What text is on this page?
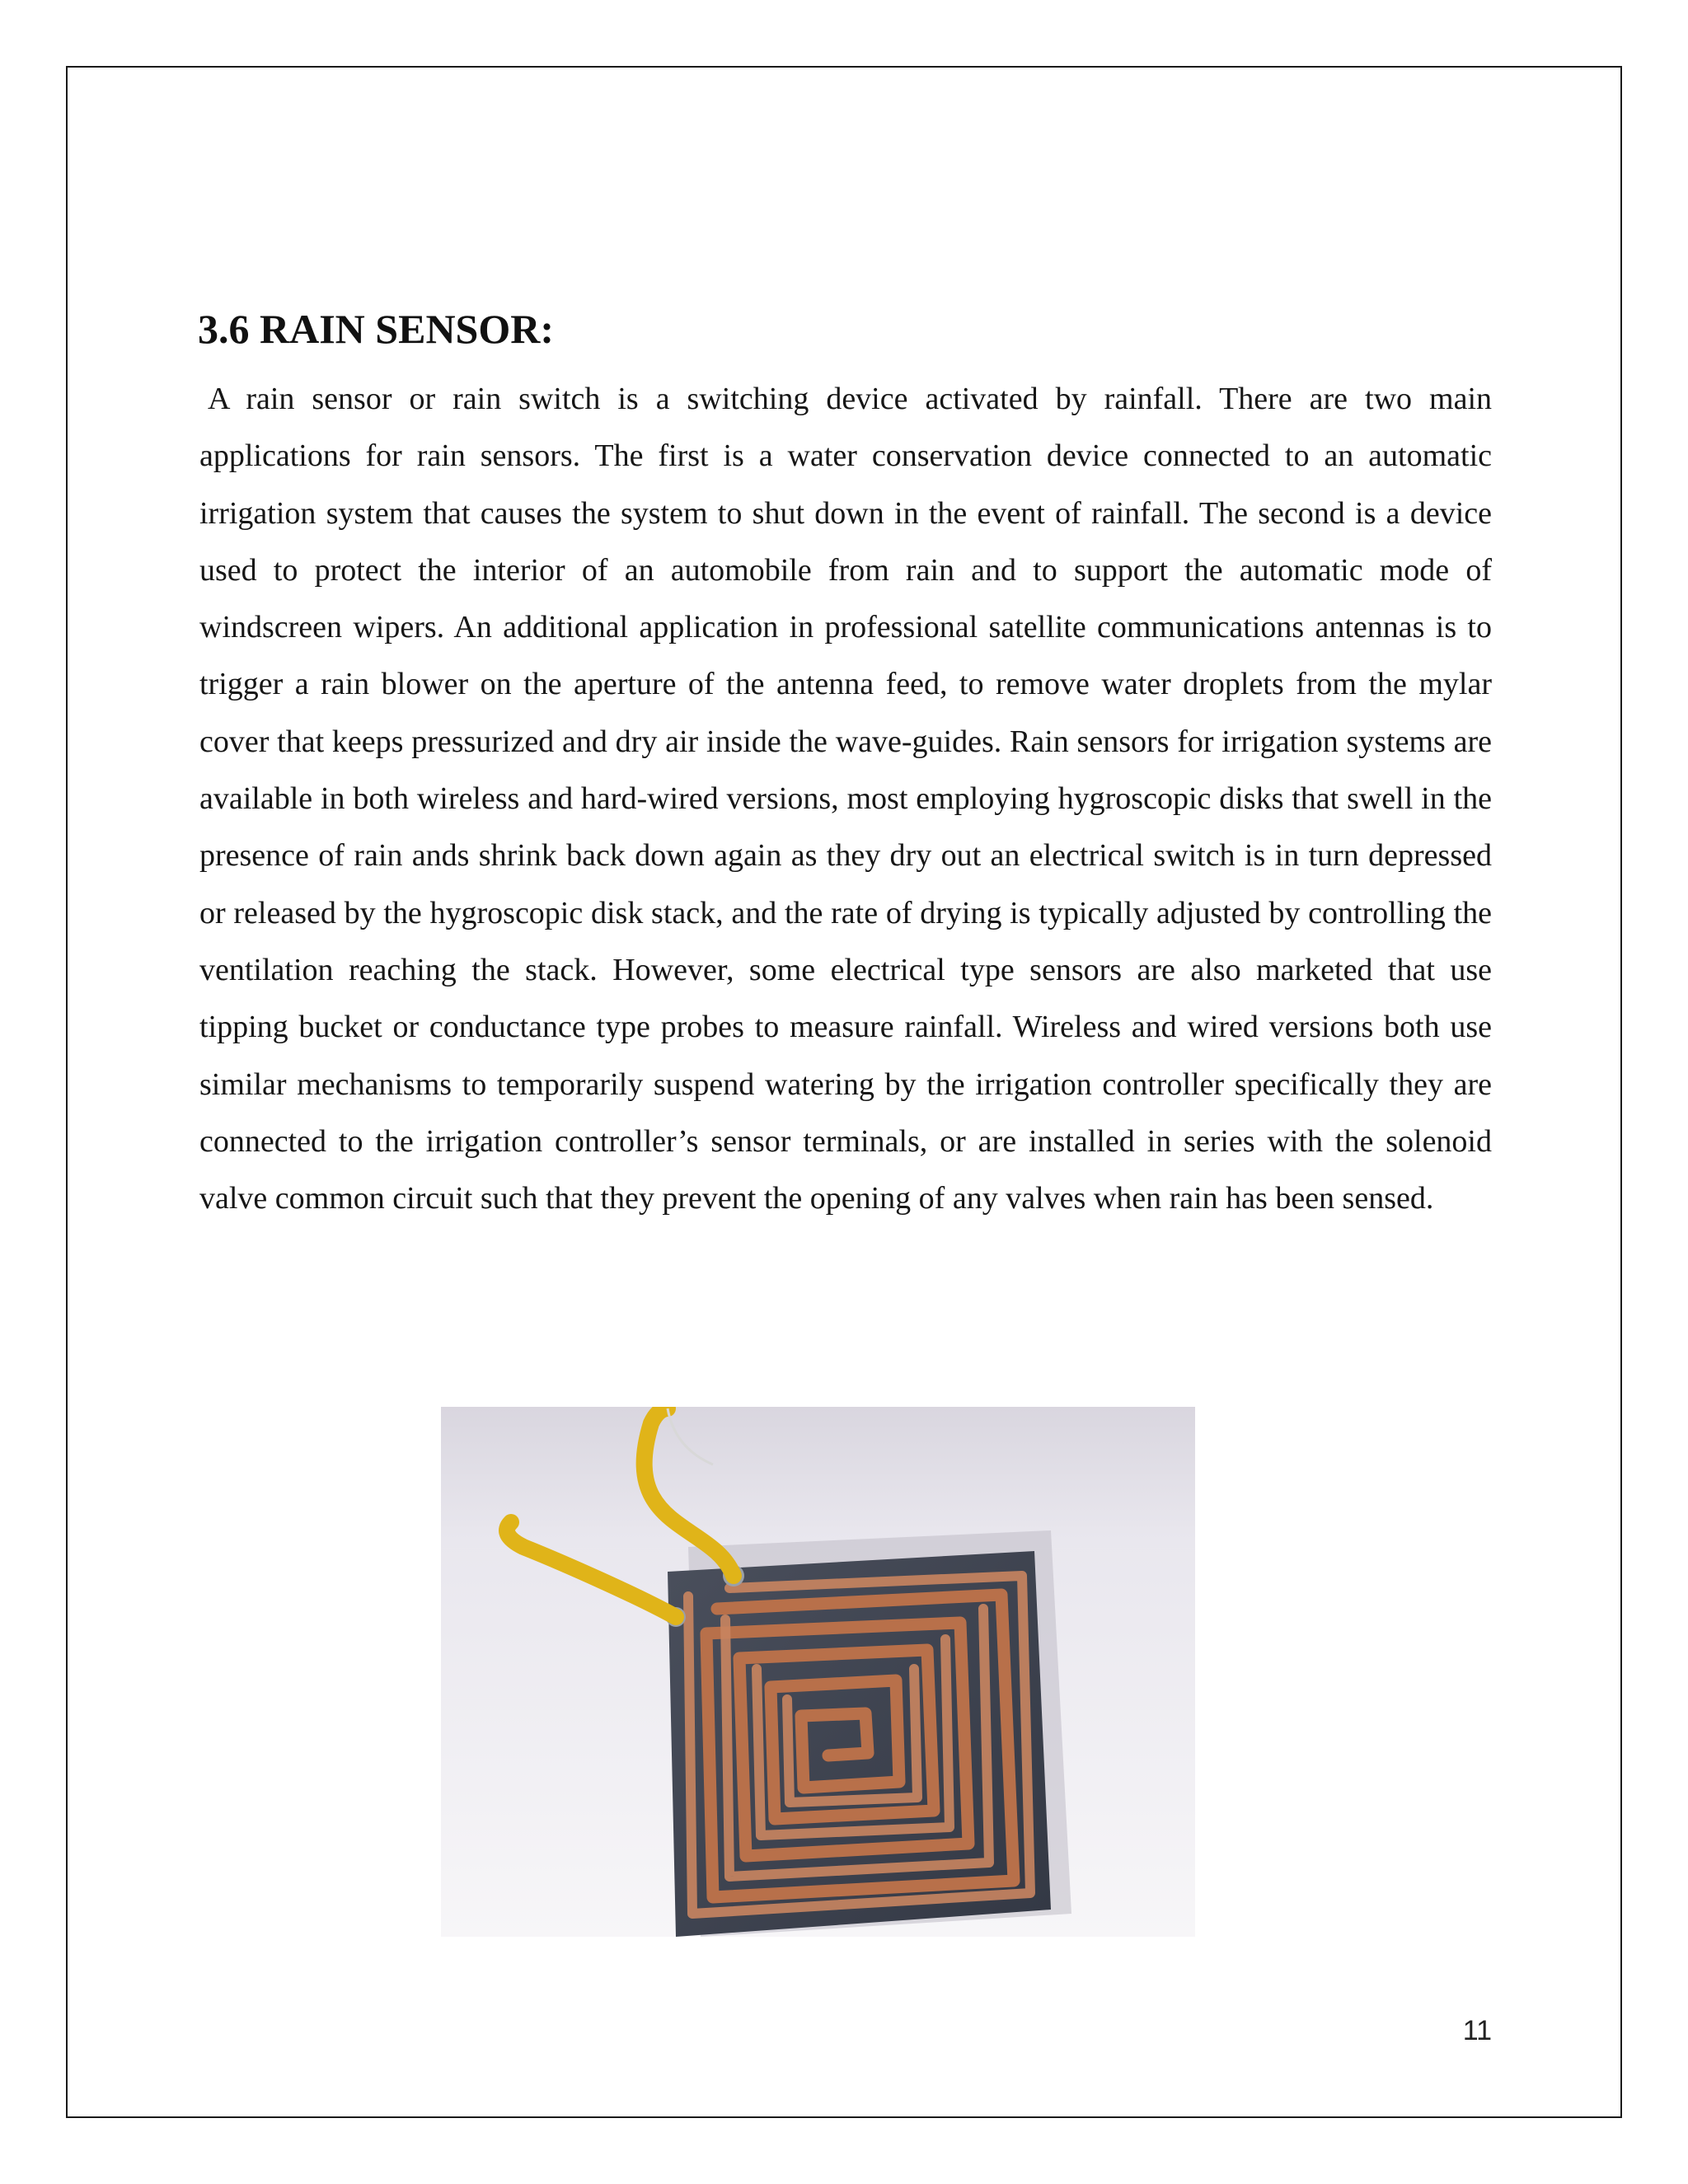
3.6 RAIN SENSOR:

A rain sensor or rain switch is a switching device activated by rainfall. There are two main applications for rain sensors. The first is a water conservation device connected to an automatic irrigation system that causes the system to shut down in the event of rainfall. The second is a device used to protect the interior of an automobile from rain and to support the automatic mode of windscreen wipers. An additional application in professional satellite communications antennas is to trigger a rain blower on the aperture of the antenna feed, to remove water droplets from the mylar cover that keeps pressurized and dry air inside the wave-guides. Rain sensors for irrigation systems are available in both wireless and hard-wired versions, most employing hygroscopic disks that swell in the presence of rain ands shrink back down again as they dry out an electrical switch is in turn depressed or released by the hygroscopic disk stack, and the rate of drying is typically adjusted by controlling the ventilation reaching the stack. However, some electrical type sensors are also marketed that use tipping bucket or conductance type probes to measure rainfall. Wireless and wired versions both use similar mechanisms to temporarily suspend watering by the irrigation controller specifically they are connected to the irrigation controller’s sensor terminals, or are installed in series with the solenoid valve common circuit such that they prevent the opening of any valves when rain has been sensed.

11
